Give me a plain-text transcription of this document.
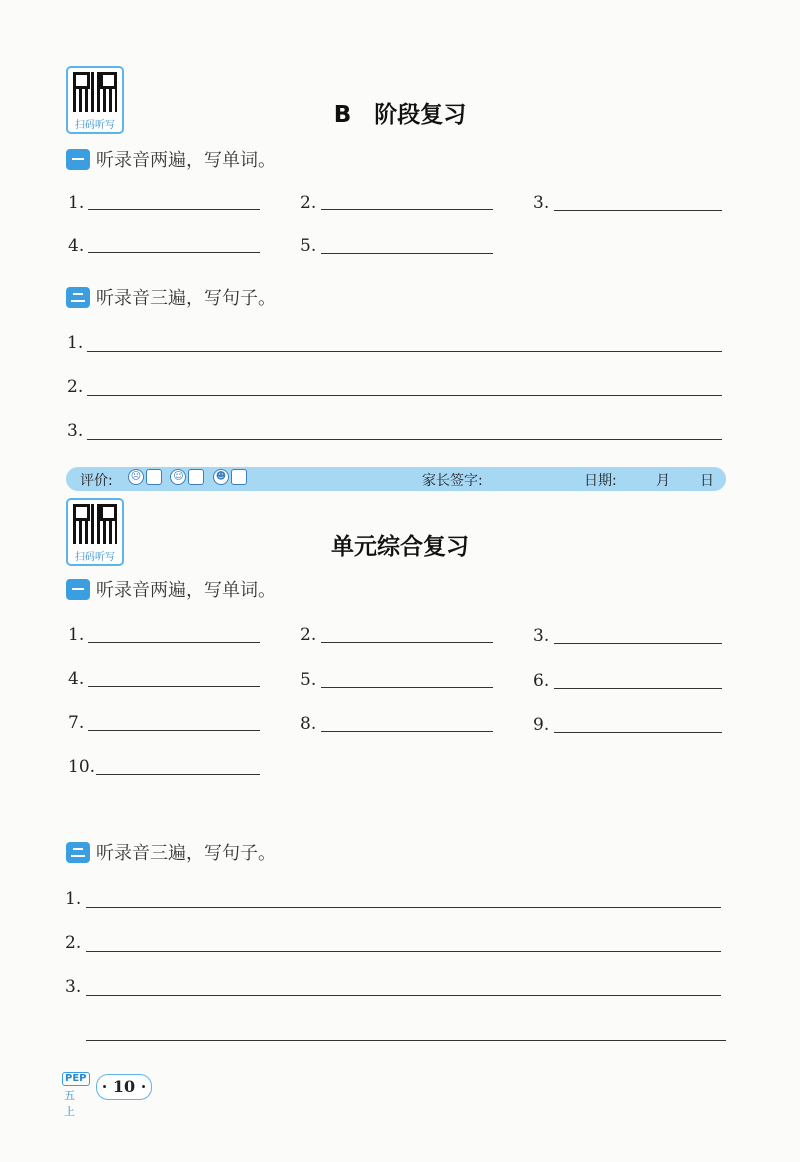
扫码听写	B　阶段复习
听录音两遍，写单词。
1.	2.	3.
4.	5.
听录音三遍，写句子。
1.
2.
3.
评价: ☹	☺	☻	家长签字:	日期:	月 日
扫码听写	单元综合复习
听录音两遍，写单词。
1.	2.	3.
4.	5.	6.
7.	8.	9.
10.
听录音三遍，写句子。
1.
2.
3.
PEP
五上
· 10 ·
